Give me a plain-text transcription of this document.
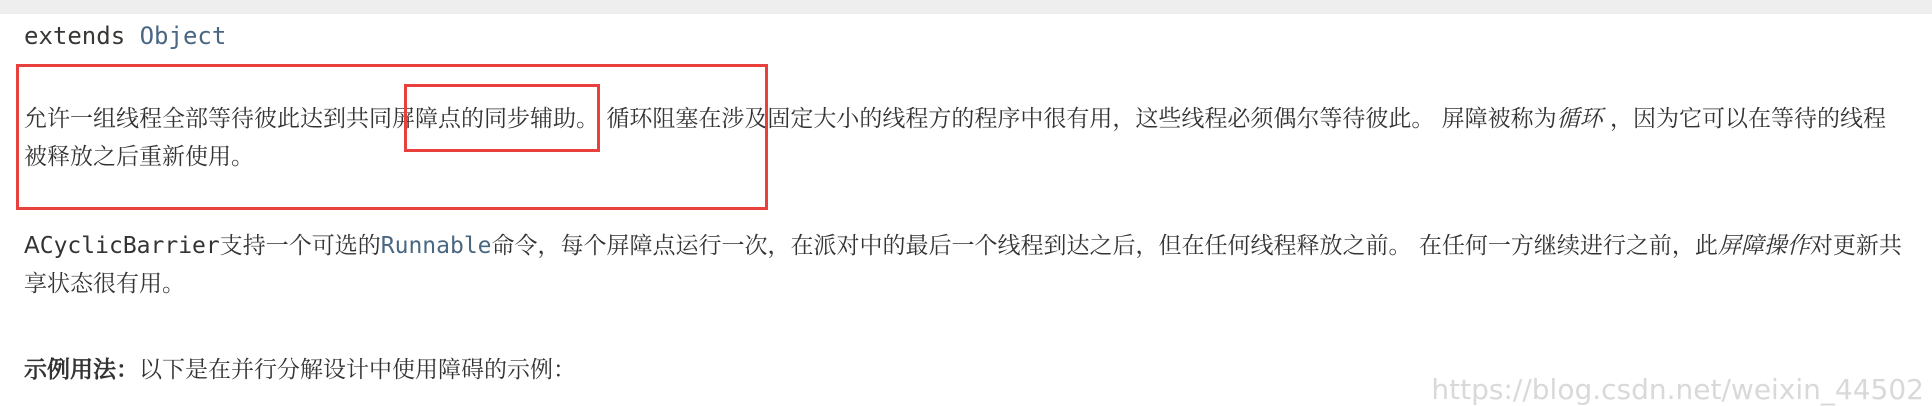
extends Object

允许一组线程全部等待彼此达到共同屏障点的同步辅助。 循环阻塞在涉及固定大小的线程方的程序中很有用，这些线程必须偶尔等待彼此。 屏障被称为循环 ，因为它可以在等待的线程被释放之后重新使用。

ACyclicBarrier支持一个可选的Runnable命令，每个屏障点运行一次，在派对中的最后一个线程到达之后，但在任何线程释放之前。 在任何一方继续进行之前，此屏障操作对更新共享状态很有用。

示例用法：以下是在并行分解设计中使用障碍的示例：

https://blog.csdn.net/weixin_44502
